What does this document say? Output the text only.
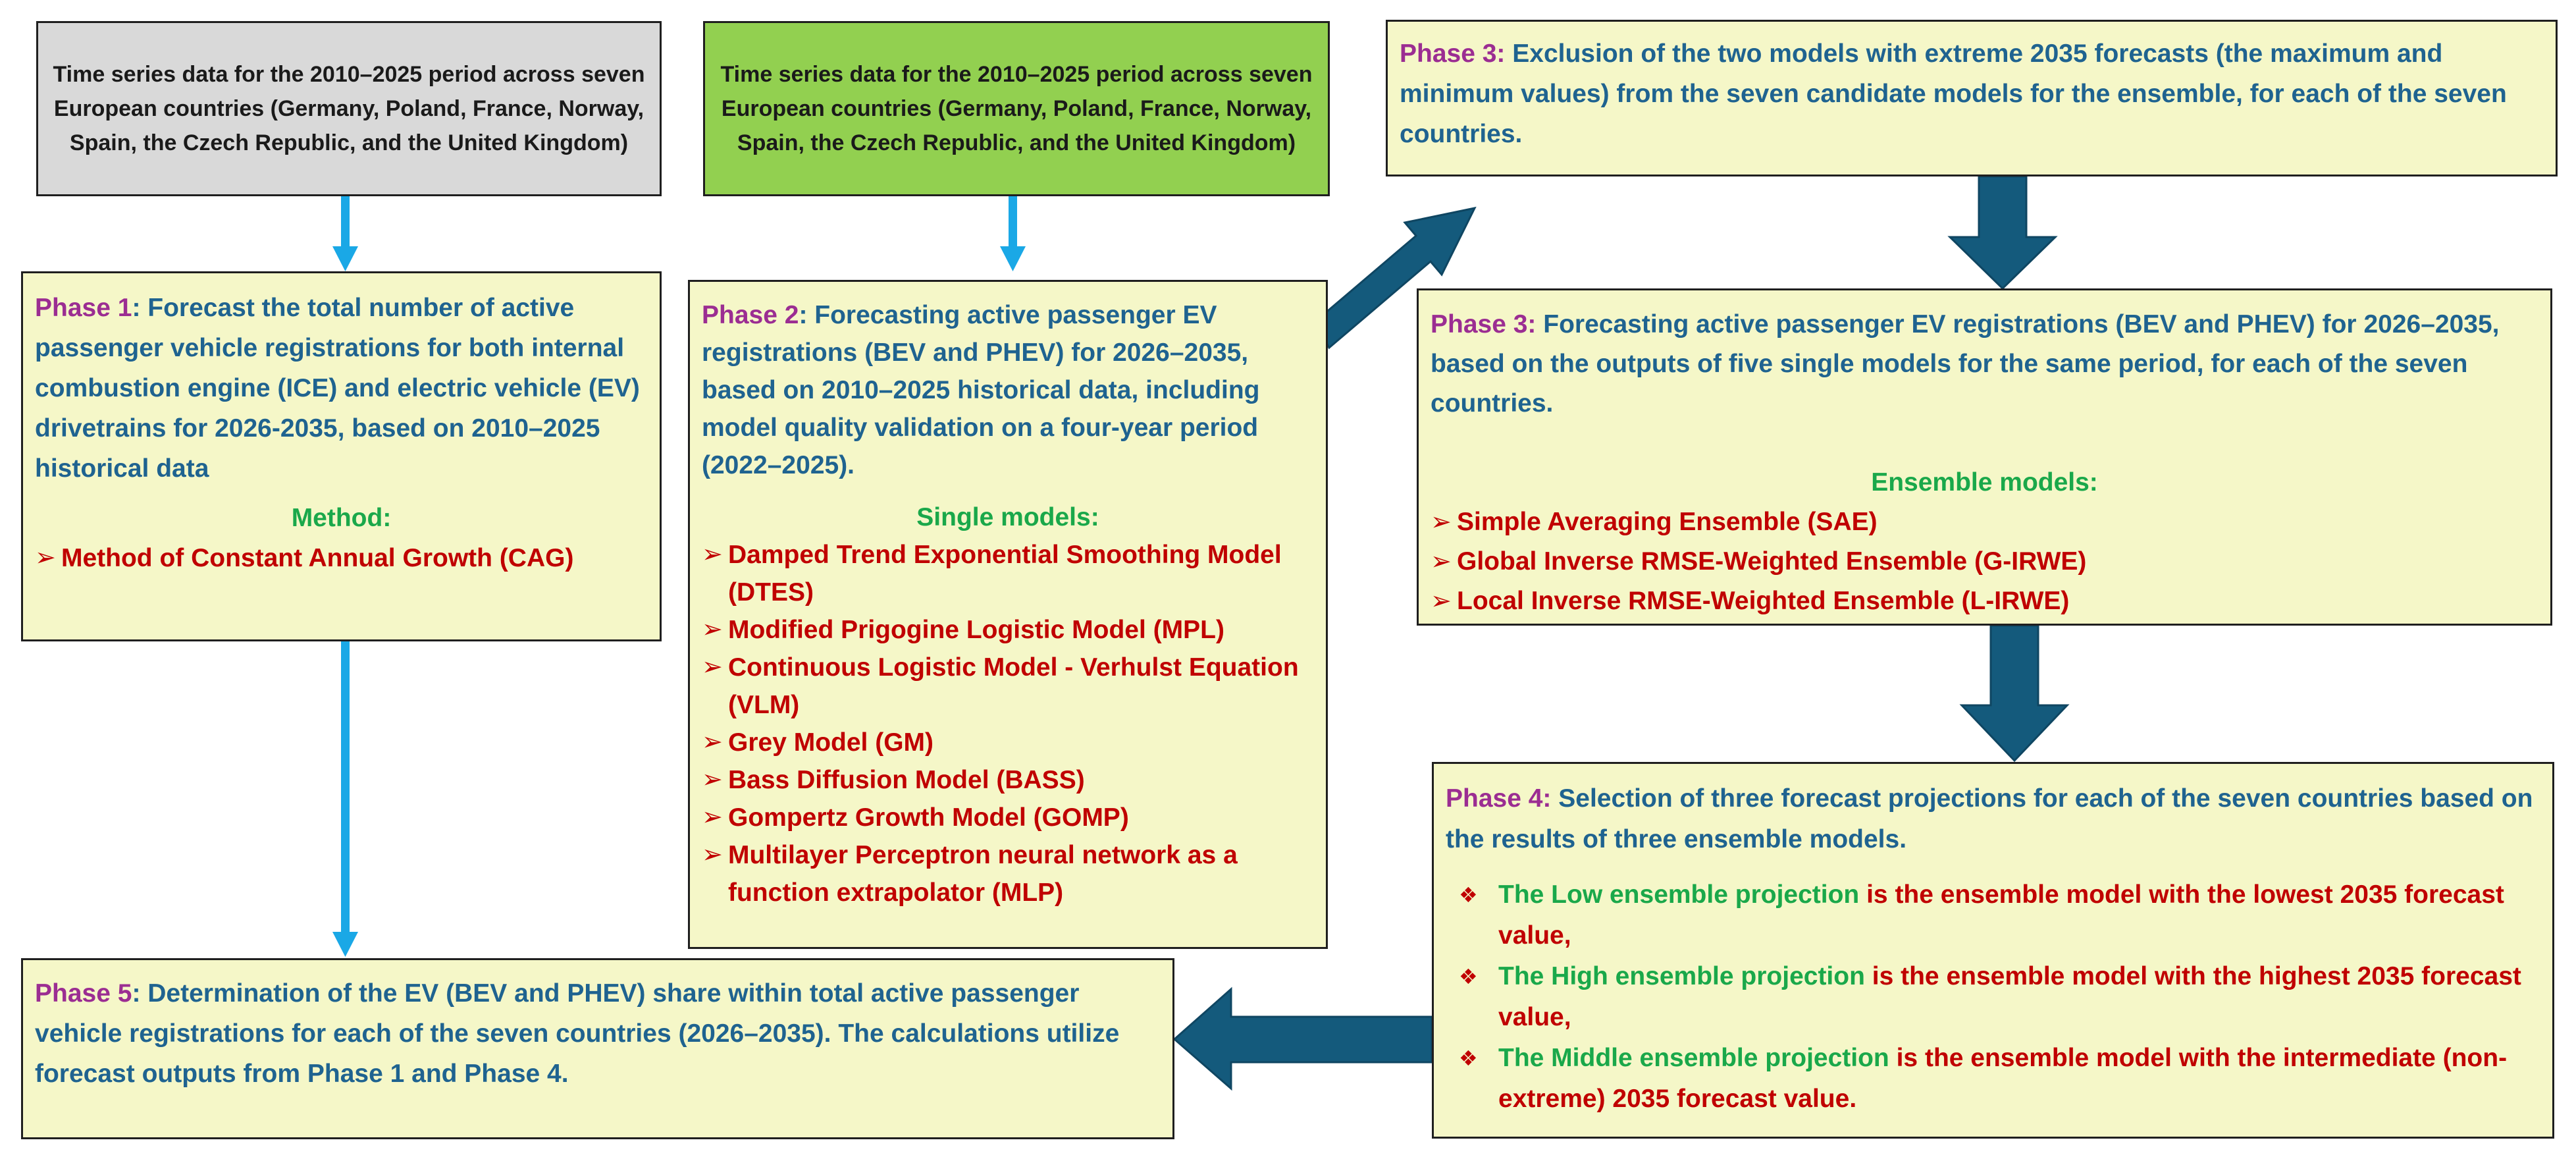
Time series data for the 2010–2025 period across seven European countries (Germany, Poland, France, Norway, Spain, the Czech Republic, and the United Kingdom)
Time series data for the 2010–2025 period across seven European countries (Germany, Poland, France, Norway, Spain, the Czech Republic, and the United Kingdom)
Phase 1: Forecast the total number of active passenger vehicle registrations for both internal combustion engine (ICE) and electric vehicle (EV) drivetrains for 2026-2035, based on 2010–2025 historical data
Method:
➢ Method of Constant Annual Growth (CAG)
Phase 2: Forecasting active passenger EV registrations (BEV and PHEV) for 2026–2035, based on 2010–2025 historical data, including model quality validation on a four-year period (2022–2025).
Single models:
➢ Damped Trend Exponential Smoothing Model (DTES)
➢ Modified Prigogine Logistic Model (MPL)
➢ Continuous Logistic Model - Verhulst Equation (VLM)
➢ Grey Model (GM)
➢ Bass Diffusion Model (BASS)
➢ Gompertz Growth Model (GOMP)
➢ Multilayer Perceptron neural network as a function extrapolator (MLP)
Phase 3: Exclusion of the two models with extreme 2035 forecasts (the maximum and minimum values) from the seven candidate models for the ensemble, for each of the seven countries.
Phase 3: Forecasting active passenger EV registrations (BEV and PHEV) for 2026–2035, based on the outputs of five single models for the same period, for each of the seven countries.
Ensemble models:
➢ Simple Averaging Ensemble (SAE)
➢ Global Inverse RMSE-Weighted Ensemble (G-IRWE)
➢ Local Inverse RMSE-Weighted Ensemble (L-IRWE)
Phase 4: Selection of three forecast projections for each of the seven countries based on the results of three ensemble models.
❖ The Low ensemble projection is the ensemble model with the lowest 2035 forecast value,
❖ The High ensemble projection is the ensemble model with the highest 2035 forecast value,
❖ The Middle ensemble projection is the ensemble model with the intermediate (non-extreme) 2035 forecast value.
Phase 5: Determination of the EV (BEV and PHEV) share within total active passenger vehicle registrations for each of the seven countries (2026–2035). The calculations utilize forecast outputs from Phase 1 and Phase 4.
